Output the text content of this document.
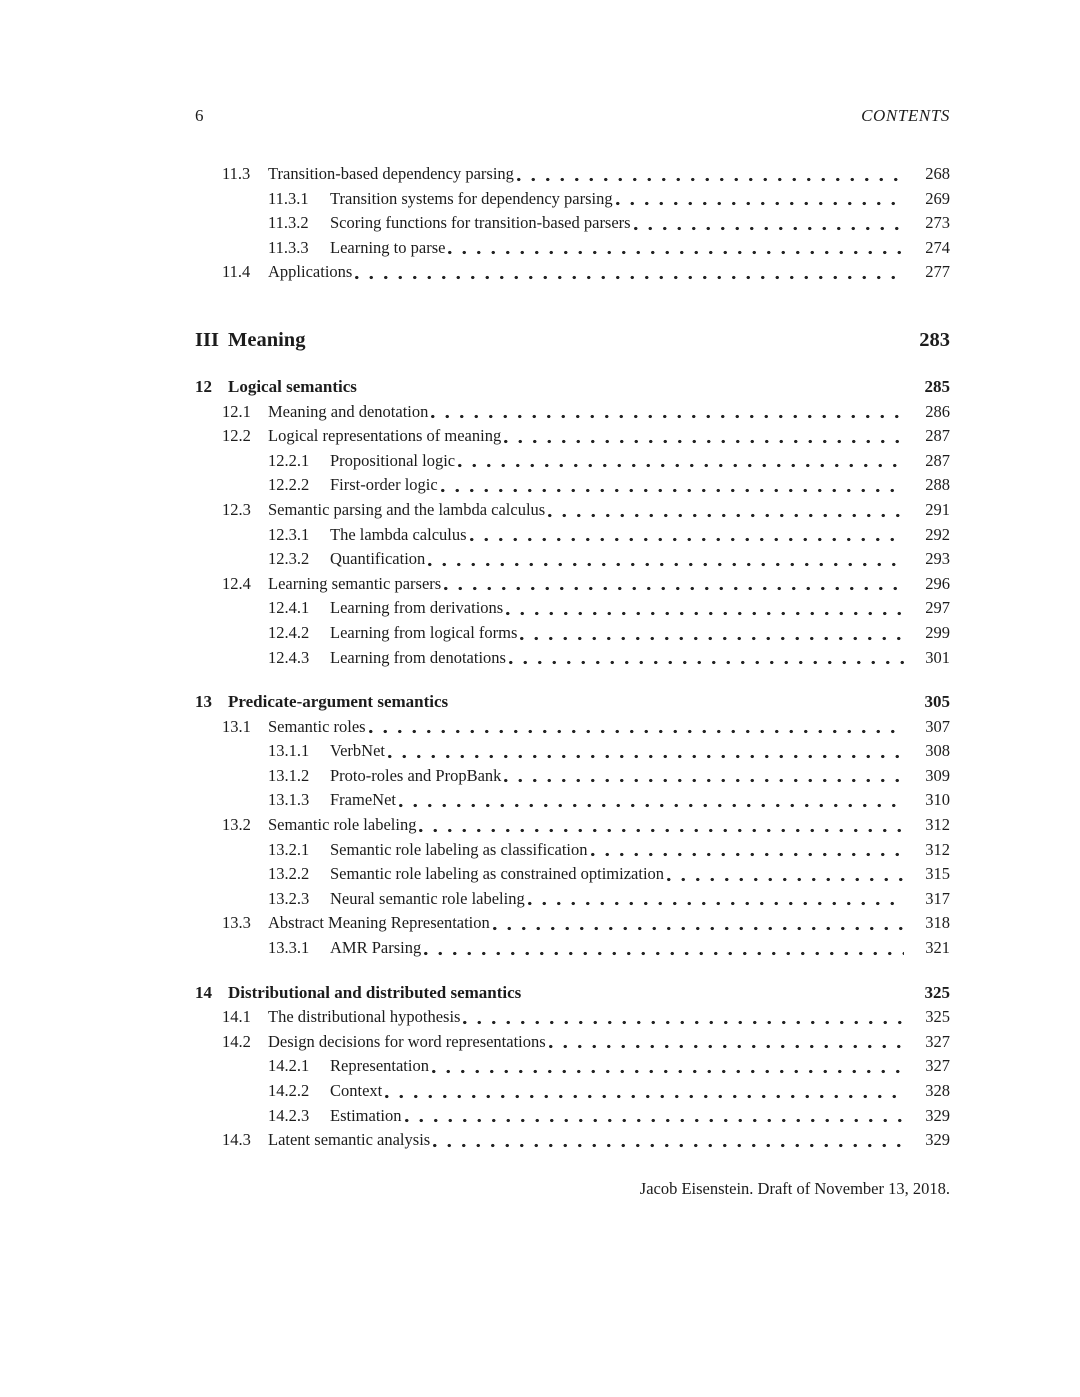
6	CONTENTS
11.3	Transition-based dependency parsing	268
11.3.1	Transition systems for dependency parsing	269
11.3.2	Scoring functions for transition-based parsers	273
11.3.3	Learning to parse	274
11.4	Applications	277
III Meaning	283
12 Logical semantics	285
12.1	Meaning and denotation	286
12.2	Logical representations of meaning	287
12.2.1	Propositional logic	287
12.2.2	First-order logic	288
12.3	Semantic parsing and the lambda calculus	291
12.3.1	The lambda calculus	292
12.3.2	Quantification	293
12.4	Learning semantic parsers	296
12.4.1	Learning from derivations	297
12.4.2	Learning from logical forms	299
12.4.3	Learning from denotations	301
13 Predicate-argument semantics	305
13.1	Semantic roles	307
13.1.1	VerbNet	308
13.1.2	Proto-roles and PropBank	309
13.1.3	FrameNet	310
13.2	Semantic role labeling	312
13.2.1	Semantic role labeling as classification	312
13.2.2	Semantic role labeling as constrained optimization	315
13.2.3	Neural semantic role labeling	317
13.3	Abstract Meaning Representation	318
13.3.1	AMR Parsing	321
14 Distributional and distributed semantics	325
14.1	The distributional hypothesis	325
14.2	Design decisions for word representations	327
14.2.1	Representation	327
14.2.2	Context	328
14.2.3	Estimation	329
14.3	Latent semantic analysis	329
Jacob Eisenstein. Draft of November 13, 2018.
